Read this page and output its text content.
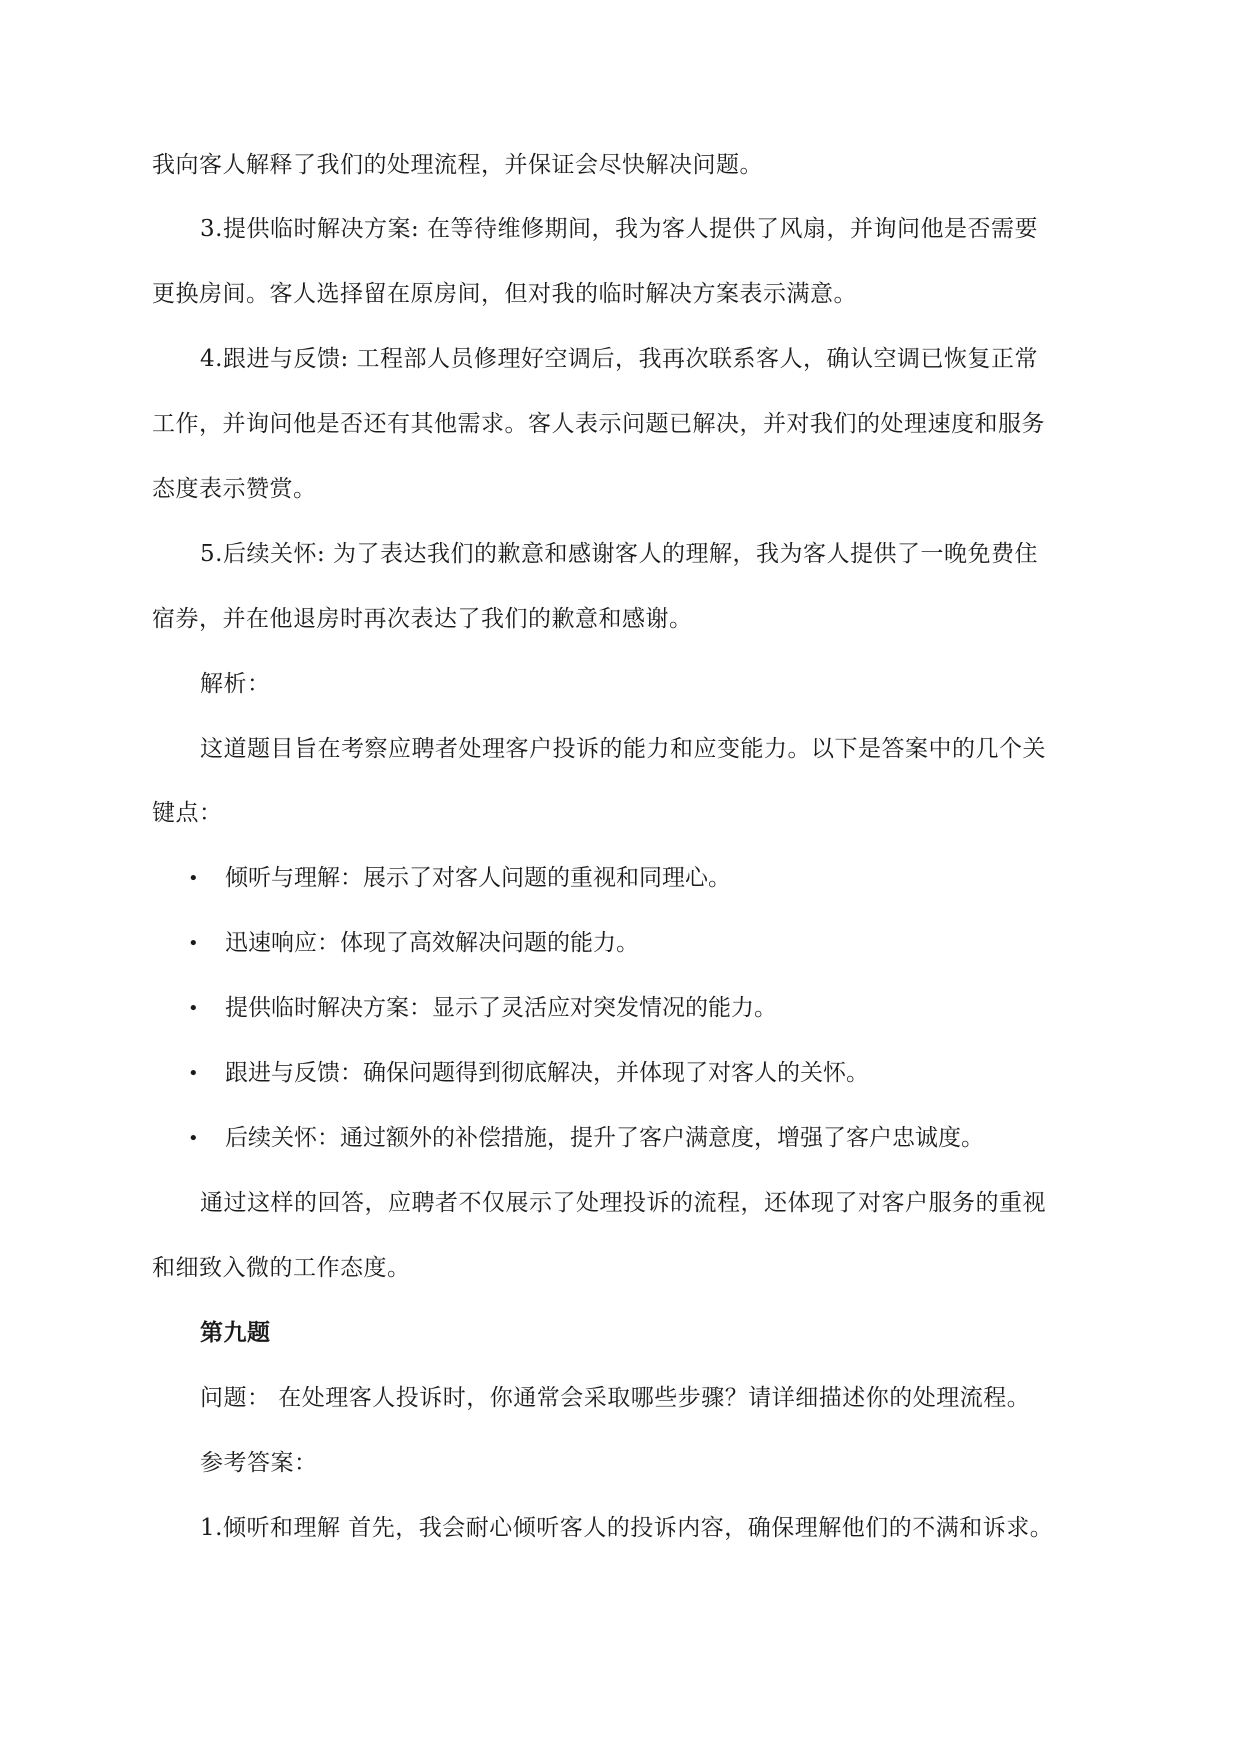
我向客人解释了我们的处理流程，并保证会尽快解决问题。
3.提供临时解决方案: 在等待维修期间，我为客人提供了风扇，并询问他是否需要
更换房间。客人选择留在原房间，但对我的临时解决方案表示满意。
4.跟进与反馈: 工程部人员修理好空调后，我再次联系客人，确认空调已恢复正常
工作，并询问他是否还有其他需求。客人表示问题已解决，并对我们的处理速度和服务
态度表示赞赏。
5.后续关怀: 为了表达我们的歉意和感谢客人的理解，我为客人提供了一晚免费住
宿券，并在他退房时再次表达了我们的歉意和感谢。
解析：
这道题目旨在考察应聘者处理客户投诉的能力和应变能力。以下是答案中的几个关
键点：
• 倾听与理解：展示了对客人问题的重视和同理心。
• 迅速响应：体现了高效解决问题的能力。
• 提供临时解决方案：显示了灵活应对突发情况的能力。
• 跟进与反馈：确保问题得到彻底解决，并体现了对客人的关怀。
• 后续关怀：通过额外的补偿措施，提升了客户满意度，增强了客户忠诚度。
通过这样的回答，应聘者不仅展示了处理投诉的流程，还体现了对客户服务的重视
和细致入微的工作态度。
第九题
问题： 在处理客人投诉时，你通常会采取哪些步骤？请详细描述你的处理流程。
参考答案：
1.倾听和理解 首先，我会耐心倾听客人的投诉内容，确保理解他们的不满和诉求。
